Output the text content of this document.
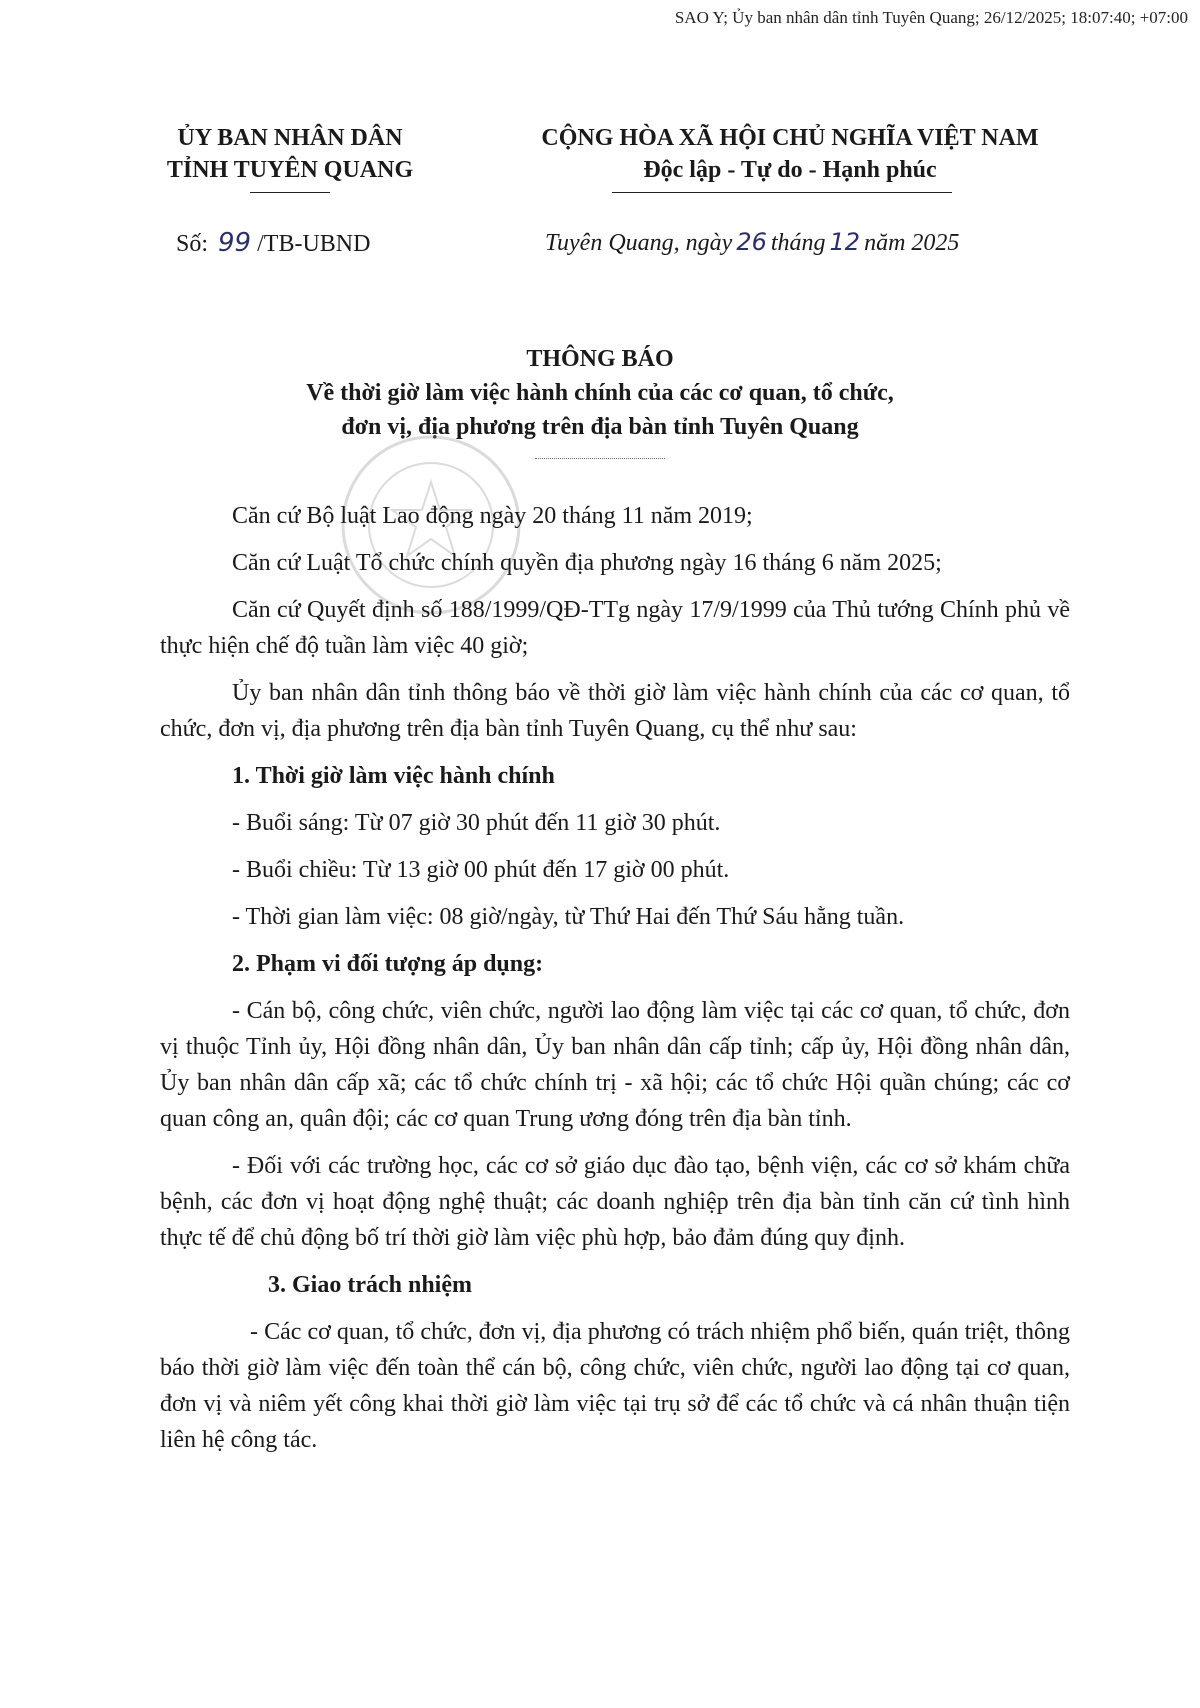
SAO Y; Ủy ban nhân dân tỉnh Tuyên Quang; 26/12/2025; 18:07:40; +07:00
ỦY BAN NHÂN DÂN
TỈNH TUYÊN QUANG
CỘNG HÒA XÃ HỘI CHỦ NGHĨA VIỆT NAM
Độc lập - Tự do - Hạnh phúc
Số: 99 /TB-UBND	Tuyên Quang, ngày 26 tháng 12 năm 2025
THÔNG BÁO
Về thời giờ làm việc hành chính của các cơ quan, tổ chức,
đơn vị, địa phương trên địa bàn tỉnh Tuyên Quang

Căn cứ Bộ luật Lao động ngày 20 tháng 11 năm 2019;

Căn cứ Luật Tổ chức chính quyền địa phương ngày 16 tháng 6 năm 2025;

Căn cứ Quyết định số 188/1999/QĐ-TTg ngày 17/9/1999 của Thủ tướng Chính phủ về thực hiện chế độ tuần làm việc 40 giờ;

Ủy ban nhân dân tỉnh thông báo về thời giờ làm việc hành chính của các cơ quan, tổ chức, đơn vị, địa phương trên địa bàn tỉnh Tuyên Quang, cụ thể như sau:

1. Thời giờ làm việc hành chính

- Buổi sáng: Từ 07 giờ 30 phút đến 11 giờ 30 phút.

- Buổi chiều: Từ 13 giờ 00 phút đến 17 giờ 00 phút.

- Thời gian làm việc: 08 giờ/ngày, từ Thứ Hai đến Thứ Sáu hằng tuần.

2. Phạm vi đối tượng áp dụng:

- Cán bộ, công chức, viên chức, người lao động làm việc tại các cơ quan, tổ chức, đơn vị thuộc Tỉnh ủy, Hội đồng nhân dân, Ủy ban nhân dân cấp tỉnh; cấp ủy, Hội đồng nhân dân, Ủy ban nhân dân cấp xã; các tổ chức chính trị - xã hội; các tổ chức Hội quần chúng; các cơ quan công an, quân đội; các cơ quan Trung ương đóng trên địa bàn tỉnh.

- Đối với các trường học, các cơ sở giáo dục đào tạo, bệnh viện, các cơ sở khám chữa bệnh, các đơn vị hoạt động nghệ thuật; các doanh nghiệp trên địa bàn tỉnh căn cứ tình hình thực tế để chủ động bố trí thời giờ làm việc phù hợp, bảo đảm đúng quy định.

3. Giao trách nhiệm

- Các cơ quan, tổ chức, đơn vị, địa phương có trách nhiệm phổ biến, quán triệt, thông báo thời giờ làm việc đến toàn thể cán bộ, công chức, viên chức, người lao động tại cơ quan, đơn vị và niêm yết công khai thời giờ làm việc tại trụ sở để các tổ chức và cá nhân thuận tiện liên hệ công tác.
